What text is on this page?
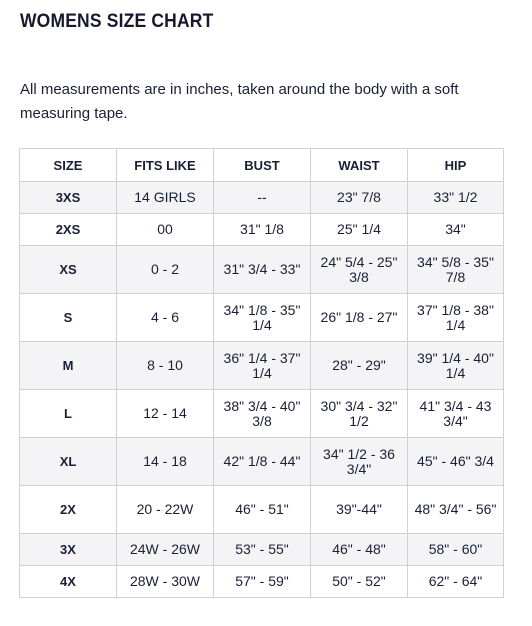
WOMENS SIZE CHART

All measurements are in inches, taken around the body with a soft measuring tape.

SIZE	FITS LIKE	BUST	WAIST	HIP
3XS	14 GIRLS	--	23" 7/8	33" 1/2
2XS	00	31" 1/8	25" 1/4	34"
XS	0 - 2	31" 3/4 - 33"	24" 5/4 - 25" 3/8	34" 5/8 - 35" 7/8
S	4 - 6	34" 1/8 - 35" 1/4	26" 1/8 - 27"	37" 1/8 - 38" 1/4
M	8 - 10	36" 1/4 - 37" 1/4	28" - 29"	39" 1/4 - 40" 1/4
L	12 - 14	38" 3/4 - 40" 3/8	30" 3/4 - 32" 1/2	41" 3/4 - 43 3/4"
XL	14 - 18	42" 1/8 - 44"	34" 1/2 - 36 3/4"	45" - 46" 3/4
2X	20 - 22W	46" - 51"	39"-44"	48" 3/4" - 56"
3X	24W - 26W	53" - 55"	46" - 48"	58" - 60"
4X	28W - 30W	57" - 59"	50" - 52"	62" - 64"
